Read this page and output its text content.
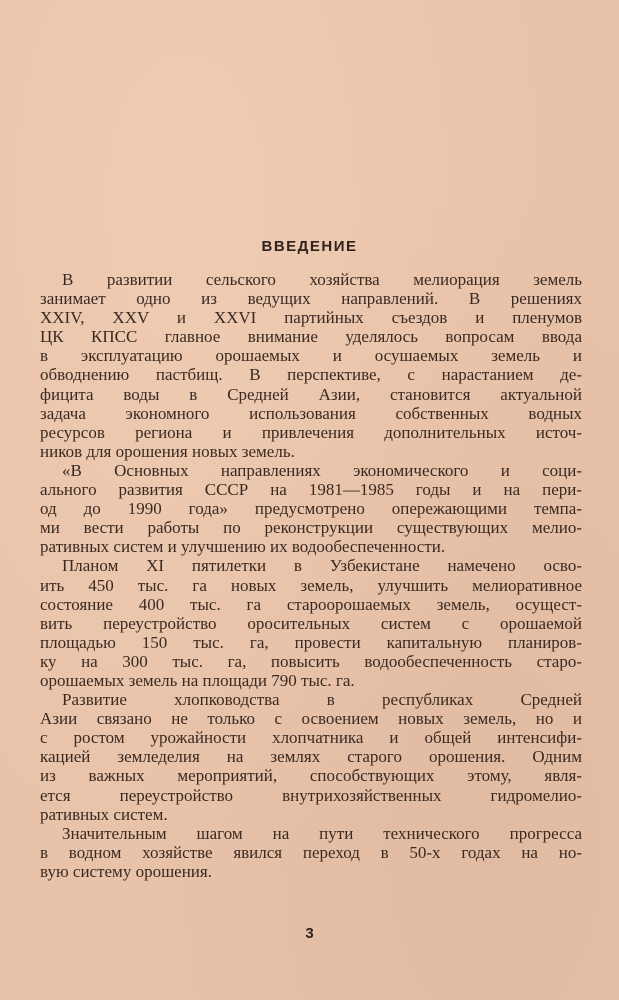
ВВЕДЕНИЕ
В развитии сельского хозяйства мелиорация земель
занимает одно из ведущих направлений. В решениях
XXIV, XXV и XXVI партийных съездов и пленумов
ЦК КПСС главное внимание уделялось вопросам ввода
в эксплуатацию орошаемых и осушаемых земель и
обводнению пастбищ. В перспективе, с нарастанием де-
фицита воды в Средней Азии, становится актуальной
задача экономного использования собственных водных
ресурсов региона и привлечения дополнительных источ-
ников для орошения новых земель.
«В Основных направлениях экономического и соци-
ального развития СССР на 1981—1985 годы и на пери-
од до 1990 года» предусмотрено опережающими темпа-
ми вести работы по реконструкции существующих мелио-
ративных систем и улучшению их водообеспеченности.
Планом XI пятилетки в Узбекистане намечено осво-
ить 450 тыс. га новых земель, улучшить мелиоративное
состояние 400 тыс. га староорошаемых земель, осущест-
вить переустройство оросительных систем с орошаемой
площадью 150 тыс. га, провести капитальную планиров-
ку на 300 тыс. га, повысить водообеспеченность старо-
орошаемых земель на площади 790 тыс. га.
Развитие хлопководства в республиках Средней
Азии связано не только с освоением новых земель, но и
с ростом урожайности хлопчатника и общей интенсифи-
кацией земледелия на землях старого орошения. Одним
из важных мероприятий, способствующих этому, явля-
ется переустройство внутрихозяйственных гидромелио-
ративных систем.
Значительным шагом на пути технического прогресса
в водном хозяйстве явился переход в 50-х годах на но-
вую систему орошения.
3
